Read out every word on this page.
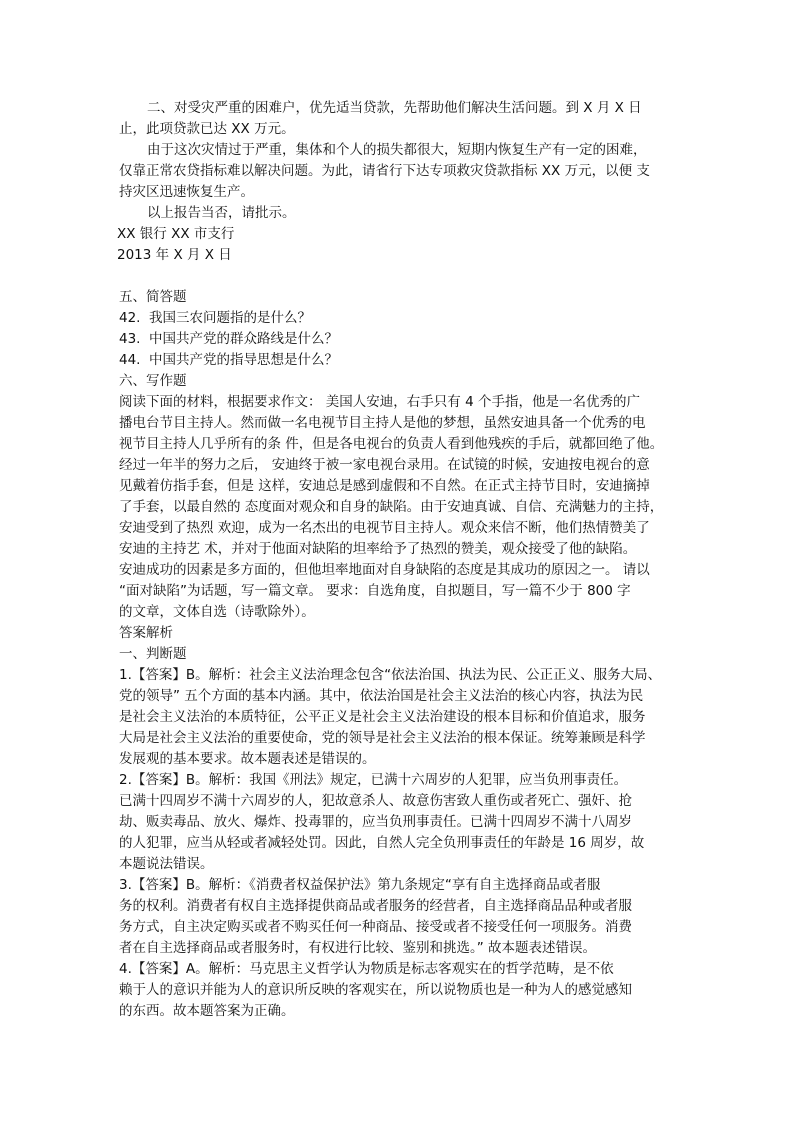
二、对受灾严重的困难户，优先适当贷款，先帮助他们解决生活问题。到 X 月 X 日
止，此项贷款已达 XX 万元。
由于这次灾情过于严重，集体和个人的损失都很大，短期内恢复生产有一定的困难，
仅靠正常农贷指标难以解决问题。为此，请省行下达专项救灾贷款指标 XX 万元，以便 支
持灾区迅速恢复生产。
以上报告当否，请批示。
XX 银行 XX 市支行
2013 年 X 月 X 日
五、简答题
42.  我国三农问题指的是什么？
43.  中国共产党的群众路线是什么？
44.  中国共产党的指导思想是什么？
六、写作题
阅读下面的材料，根据要求作文： 美国人安迪，右手只有 4 个手指，他是一名优秀的广
播电台节目主持人。然而做一名电视节目主持人是他的梦想，虽然安迪具备一个优秀的电
视节目主持人几乎所有的条 件，但是各电视台的负责人看到他残疾的手后，就都回绝了他。
经过一年半的努力之后， 安迪终于被一家电视台录用。在试镜的时候，安迪按电视台的意
见戴着仿指手套，但是 这样，安迪总是感到虚假和不自然。在正式主持节目时，安迪摘掉
了手套，以最自然的 态度面对观众和自身的缺陷。由于安迪真诚、自信、充满魅力的主持，
安迪受到了热烈 欢迎，成为一名杰出的电视节目主持人。观众来信不断，他们热情赞美了
安迪的主持艺 术，并对于他面对缺陷的坦率给予了热烈的赞美，观众接受了他的缺陷。
安迪成功的因素是多方面的，但他坦率地面对自身缺陷的态度是其成功的原因之一。 请以
“面对缺陷”为话题，写一篇文章。 要求：自选角度，自拟题目，写一篇不少于 800 字
的文章，文体自选（诗歌除外）。
答案解析
一、判断题
1.【答案】B。解析：社会主义法治理念包含“依法治国、执法为民、公正正义、服务大局、
党的领导” 五个方面的基本内涵。其中，依法治国是社会主义法治的核心内容，执法为民
是社会主义法治的本质特征，公平正义是社会主义法治建设的根本目标和价值追求，服务
大局是社会主义法治的重要使命，党的领导是社会主义法治的根本保证。统筹兼顾是科学
发展观的基本要求。故本题表述是错误的。
2.【答案】B。解析：我国《刑法》规定，已满十六周岁的人犯罪，应当负刑事责任。
已满十四周岁不满十六周岁的人，犯故意杀人、故意伤害致人重伤或者死亡、强奸、抢
劫、贩卖毒品、放火、爆炸、投毒罪的，应当负刑事责任。已满十四周岁不满十八周岁
的人犯罪，应当从轻或者减轻处罚。因此，自然人完全负刑事责任的年龄是 16 周岁，故
本题说法错误。
3.【答案】B。解析：《消费者权益保护法》第九条规定“享有自主选择商品或者服
务的权利。消费者有权自主选择提供商品或者服务的经营者，自主选择商品品种或者服
务方式，自主决定购买或者不购买任何一种商品、接受或者不接受任何一项服务。消费
者在自主选择商品或者服务时，有权进行比较、鉴别和挑选。” 故本题表述错误。
4.【答案】A。解析：马克思主义哲学认为物质是标志客观实在的哲学范畴，是不依
赖于人的意识并能为人的意识所反映的客观实在，所以说物质也是一种为人的感觉感知
的东西。故本题答案为正确。
